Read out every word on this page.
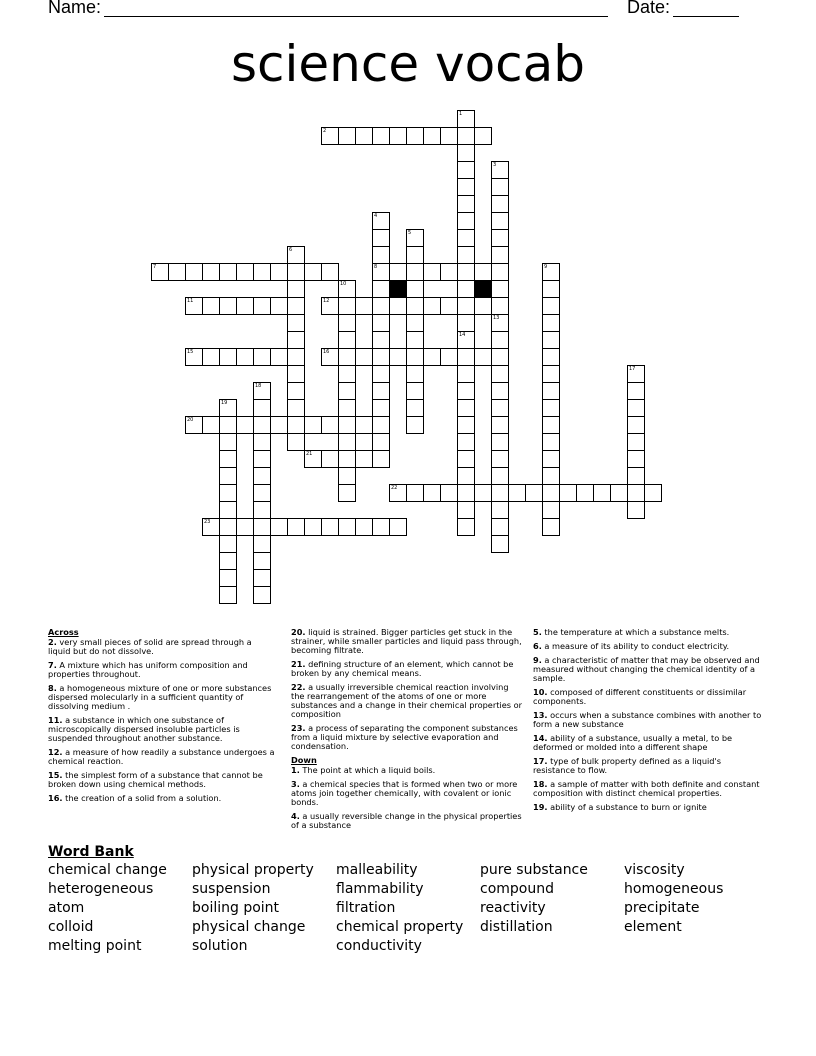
Name:	Date:
science vocab
2
7	8
11	12
15	16
20
21
22
23
1
14
3
13
4
5
6
9
10
17
18
19
Across
2. very small pieces of solid are spread through a liquid but do not dissolve.
7. A mixture which has uniform composition and properties throughout.
8. a homogeneous mixture of one or more substances dispersed molecularly in a sufficient quantity of dissolving medium .
11. a substance in which one substance of microscopically dispersed insoluble particles is suspended throughout another substance.
12. a measure of how readily a substance undergoes a chemical reaction.
15. the simplest form of a substance that cannot be broken down using chemical methods.
16. the creation of a solid from a solution.
20. liquid is strained. Bigger particles get stuck in the strainer, while smaller particles and liquid pass through, becoming filtrate.
21. defining structure of an element, which cannot be broken by any chemical means.
22. a usually irreversible chemical reaction involving the rearrangement of the atoms of one or more substances and a change in their chemical properties or composition
23. a process of separating the component substances from a liquid mixture by selective evaporation and condensation.
Down
1. The point at which a liquid boils.
3. a chemical species that is formed when two or more atoms join together chemically, with covalent or ionic bonds.
4. a usually reversible change in the physical properties of a substance
5. the temperature at which a substance melts.
6. a measure of its ability to conduct electricity.
9. a characteristic of matter that may be observed and measured without changing the chemical identity of a sample.
10. composed of different constituents or dissimilar components.
13. occurs when a substance combines with another to form a new substance
14. ability of a substance, usually a metal, to be deformed or molded into a different shape
17. type of bulk property defined as a liquid's resistance to flow.
18. a sample of matter with both definite and constant composition with distinct chemical properties.
19. ability of a substance to burn or ignite
Word Bank
chemical change	physical property	malleability	pure substance	viscosity
heterogeneous	suspension	flammability	compound	homogeneous
atom	boiling point	filtration	reactivity	precipitate
colloid	physical change	chemical property	distillation	element
melting point	solution	conductivity
